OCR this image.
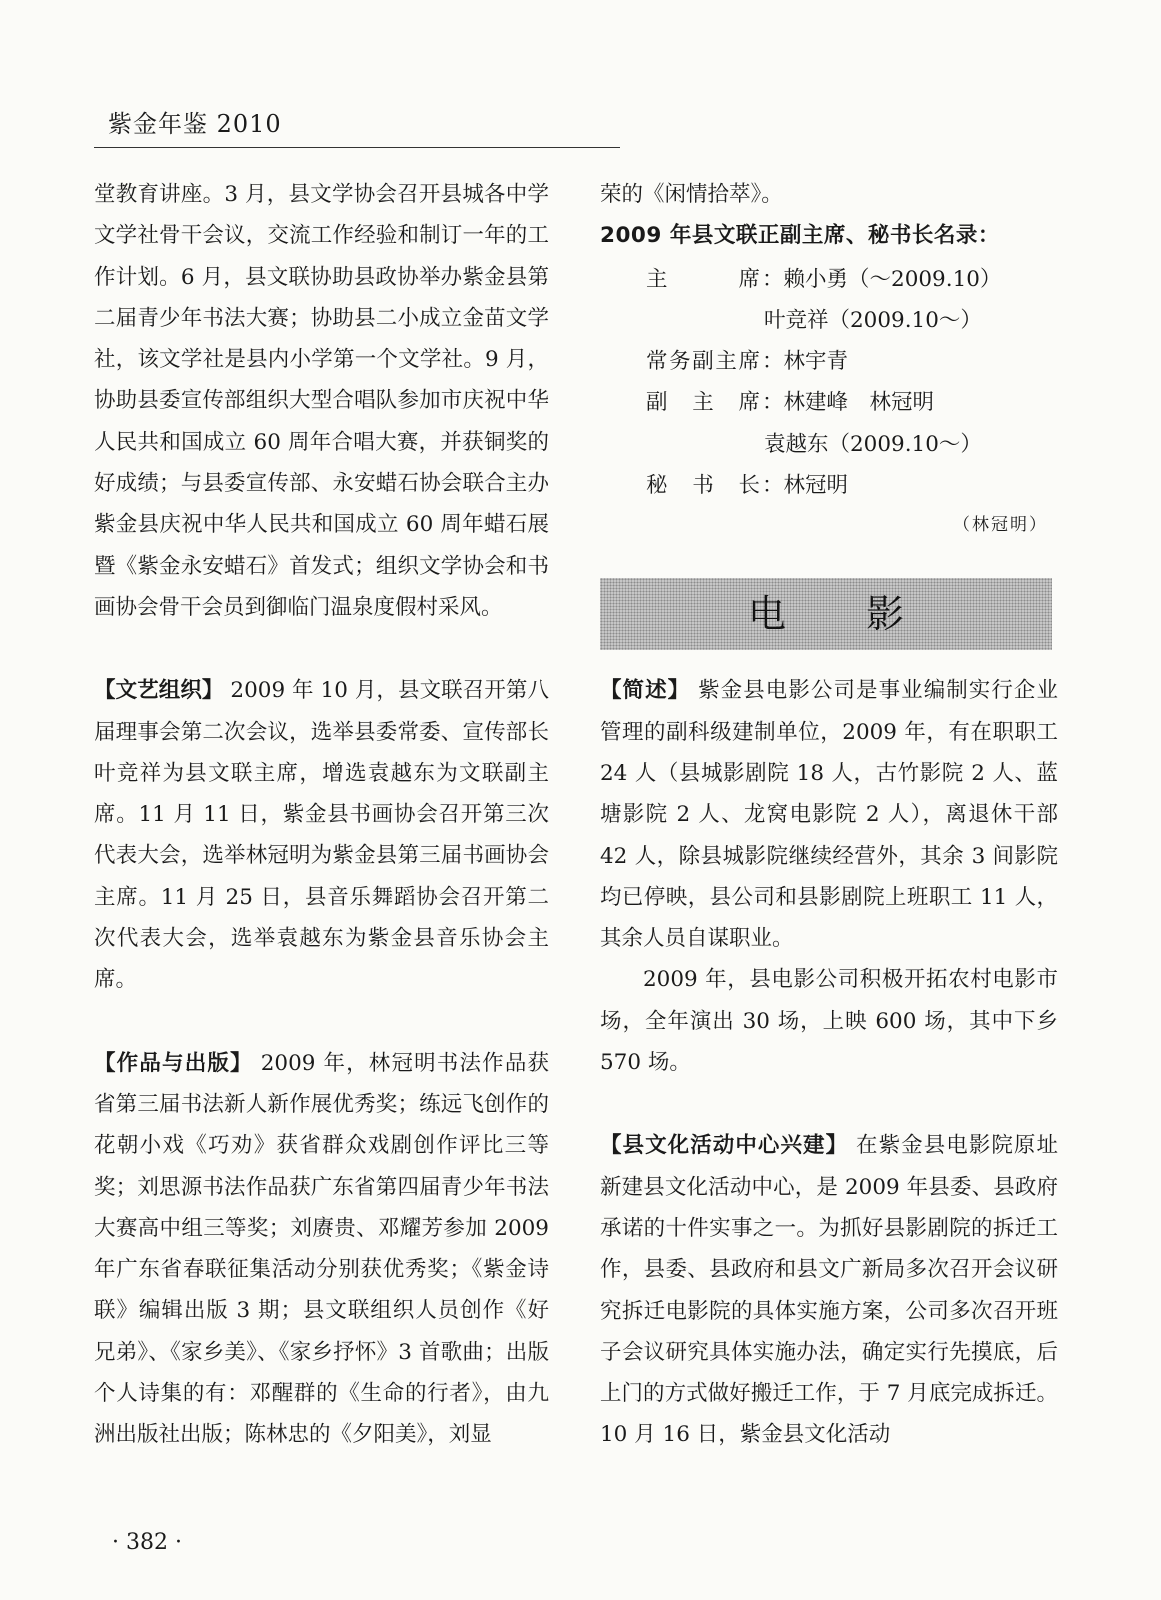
紫金年鉴 2010

堂教育讲座。3 月，县文学协会召开县城各中学文学社骨干会议，交流工作经验和制订一年的工作计划。6 月，县文联协助县政协举办紫金县第二届青少年书法大赛；协助县二小成立金苗文学社，该文学社是县内小学第一个文学社。9 月，协助县委宣传部组织大型合唱队参加市庆祝中华人民共和国成立 60 周年合唱大赛，并获铜奖的好成绩；与县委宣传部、永安蜡石协会联合主办紫金县庆祝中华人民共和国成立 60 周年蜡石展暨《紫金永安蜡石》首发式；组织文学协会和书画协会骨干会员到御临门温泉度假村采风。

【文艺组织】 2009 年 10 月，县文联召开第八届理事会第二次会议，选举县委常委、宣传部长叶竞祥为县文联主席，增选袁越东为文联副主席。11 月 11 日，紫金县书画协会召开第三次代表大会，选举林冠明为紫金县第三届书画协会主席。11 月 25 日，县音乐舞蹈协会召开第二次代表大会，选举袁越东为紫金县音乐协会主席。

【作品与出版】 2009 年，林冠明书法作品获省第三届书法新人新作展优秀奖；练远飞创作的花朝小戏《巧劝》获省群众戏剧创作评比三等奖；刘思源书法作品获广东省第四届青少年书法大赛高中组三等奖；刘赓贵、邓耀芳参加 2009 年广东省春联征集活动分别获优秀奖；《紫金诗联》编辑出版 3 期；县文联组织人员创作《好兄弟》、《家乡美》、《家乡抒怀》3 首歌曲；出版个人诗集的有：邓醒群的《生命的行者》，由九洲出版社出版；陈林忠的《夕阳美》，刘显

荣的《闲情拾萃》。

2009 年县文联正副主席、秘书长名录：

主	席 ：赖小勇（～2009.10）
叶竞祥（2009.10～）
常 务 副 主 席 ：林宇青
副 主 席 ：林建峰　林冠明
袁越东（2009.10～）
秘 书 长 ：林冠明
（林冠明）
电影

【简述】 紫金县电影公司是事业编制实行企业管理的副科级建制单位，2009 年，有在职职工 24 人（县城影剧院 18 人，古竹影院 2 人、蓝塘影院 2 人、龙窝电影院 2 人），离退休干部 42 人，除县城影院继续经营外，其余 3 间影院均已停映，县公司和县影剧院上班职工 11 人，其余人员自谋职业。

2009 年，县电影公司积极开拓农村电影市场，全年演出 30 场，上映 600 场，其中下乡 570 场。

【县文化活动中心兴建】 在紫金县电影院原址新建县文化活动中心，是 2009 年县委、县政府承诺的十件实事之一。为抓好县影剧院的拆迁工作，县委、县政府和县文广新局多次召开会议研究拆迁电影院的具体实施方案，公司多次召开班子会议研究具体实施办法，确定实行先摸底，后上门的方式做好搬迁工作，于 7 月底完成拆迁。10 月 16 日，紫金县文化活动

· 382 ·
